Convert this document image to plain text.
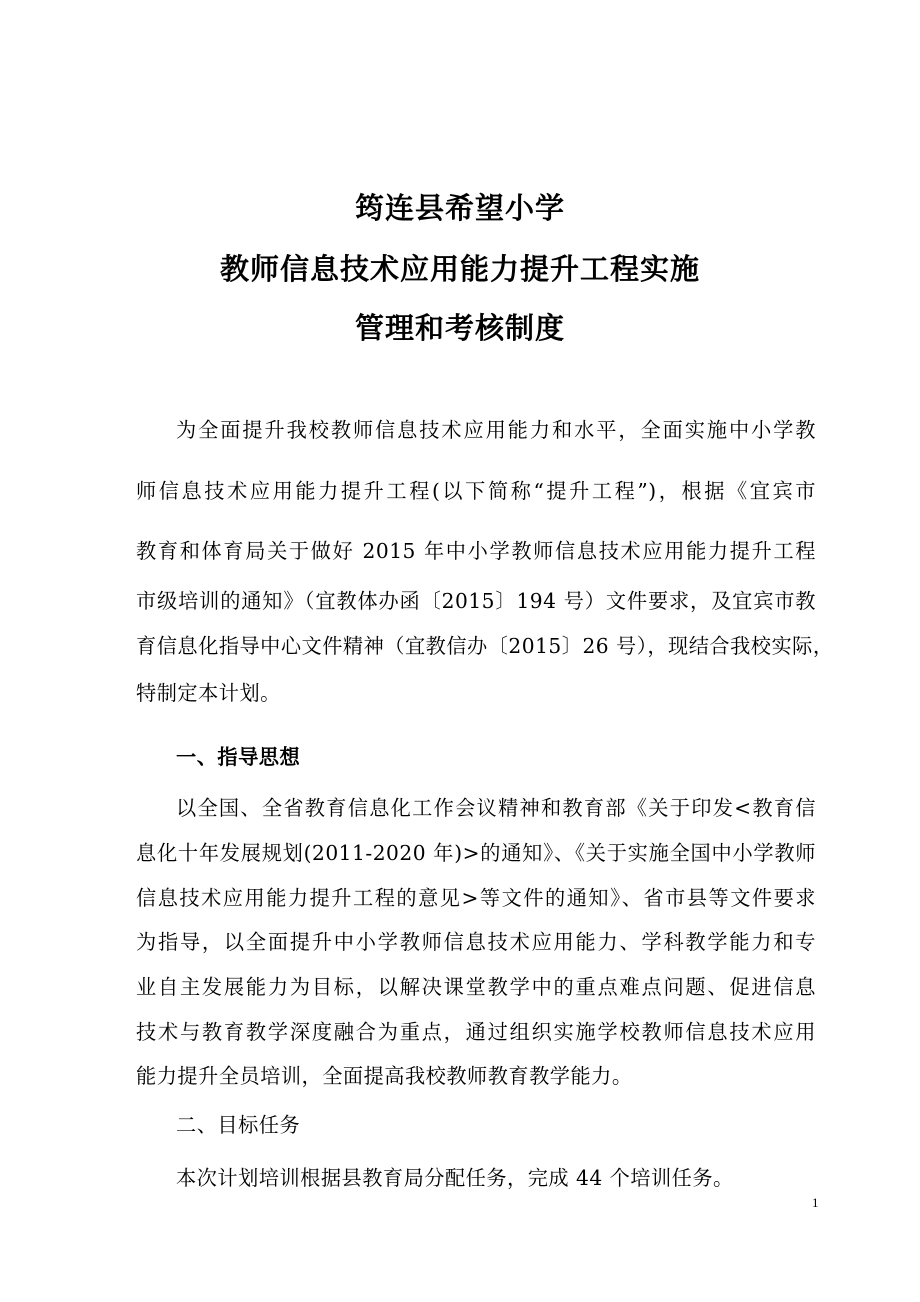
筠连县希望小学
教师信息技术应用能力提升工程实施
管理和考核制度
为全面提升我校教师信息技术应用能力和水平，全面实施中小学教
师信息技术应用能力提升工程(以下简称“提升工程”)，根据《宜宾市
教育和体育局关于做好 2015 年中小学教师信息技术应用能力提升工程
市级培训的通知》（宜教体办函〔2015〕194 号）文件要求，及宜宾市教
育信息化指导中心文件精神（宜教信办〔2015〕26 号），现结合我校实际，
特制定本计划。
一、指导思想
以全国、全省教育信息化工作会议精神和教育部《关于印发<教育信
息化十年发展规划(2011-2020 年)>的通知》、《关于实施全国中小学教师
信息技术应用能力提升工程的意见>等文件的通知》、省市县等文件要求
为指导，以全面提升中小学教师信息技术应用能力、学科教学能力和专
业自主发展能力为目标，以解决课堂教学中的重点难点问题、促进信息
技术与教育教学深度融合为重点，通过组织实施学校教师信息技术应用
能力提升全员培训，全面提高我校教师教育教学能力。
二、目标任务
本次计划培训根据县教育局分配任务，完成 44 个培训任务。
1
